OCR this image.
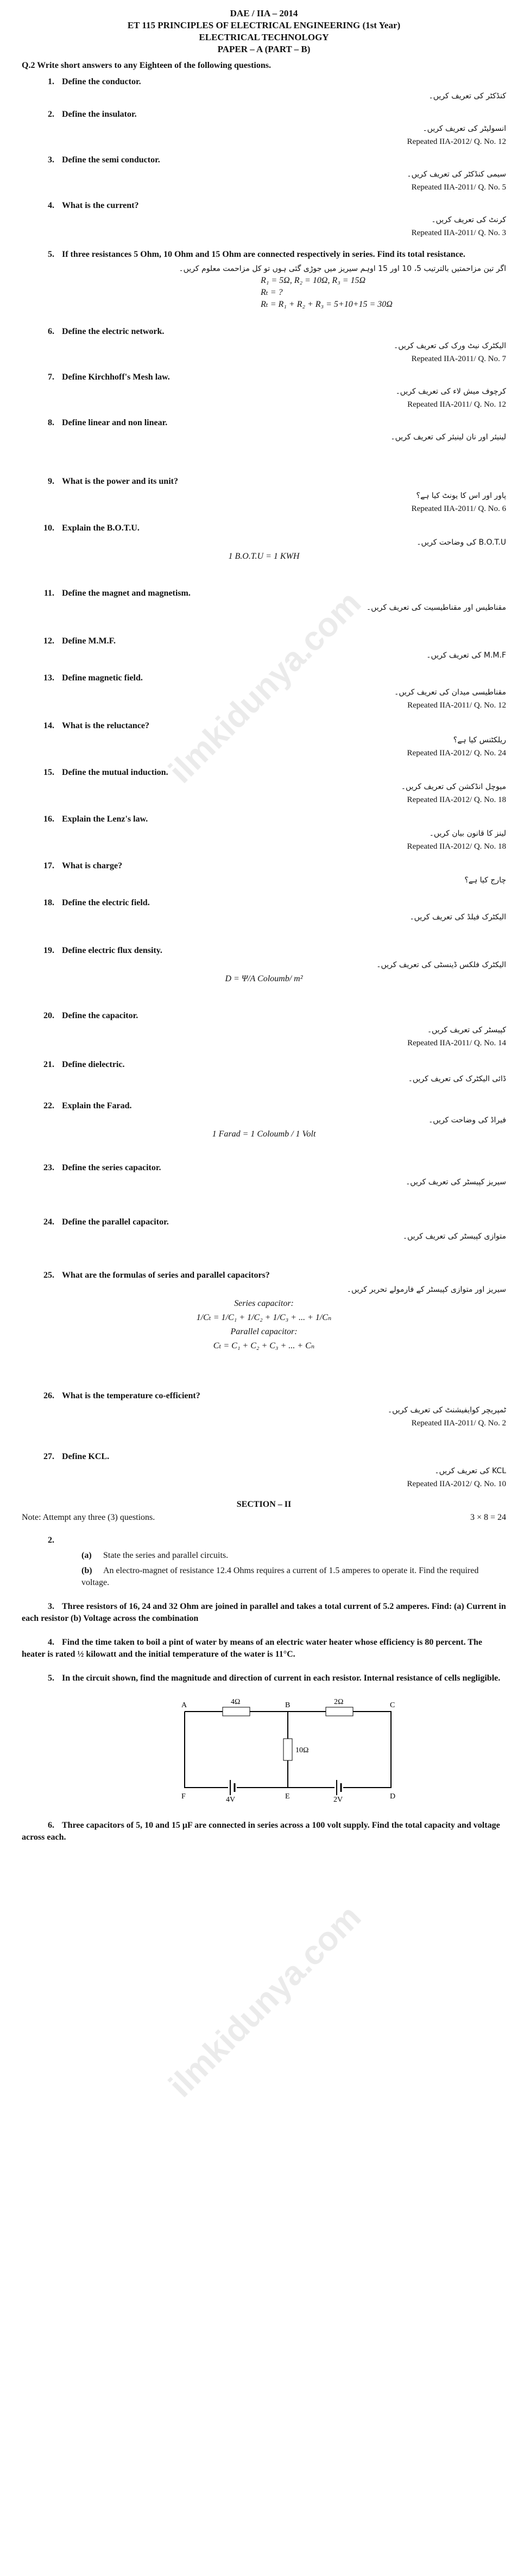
ilmkidunya.com
ilmkidunya.com
DAE / IIA – 2014
ET 115 PRINCIPLES OF ELECTRICAL ENGINEERING (1st Year)
ELECTRICAL TECHNOLOGY
PAPER – A (PART – B)
Q.2 Write short answers to any Eighteen of the following questions.
1. Define the conductor.
کنڈکٹر کی تعریف کریں۔
2. Define the insulator.
انسولیٹر کی تعریف کریں۔
Repeated IIA-2012/ Q. No. 12
3. Define the semi conductor.
سیمی کنڈکٹر کی تعریف کریں۔
Repeated IIA-2011/ Q. No. 5
4. What is the current?
کرنٹ کی تعریف کریں۔
Repeated IIA-2011/ Q. No. 3
5. If three resistances 5 Ohm, 10 Ohm and 15 Ohm are connected respectively in series. Find its total resistance.
اگر تین مزاحمتیں بالترتیب 5، 10 اور 15 اوہم سیریز میں جوڑی گئی ہوں تو کل مزاحمت معلوم کریں۔
R₁ = 5Ω, R₂ = 10Ω, R₃ = 15Ω
Rₜ = ?
Rₜ = R₁ + R₂ + R₃ = 5+10+15 = 30Ω
6. Define the electric network.
الیکٹرک نیٹ ورک کی تعریف کریں۔
Repeated IIA-2011/ Q. No. 7
7. Define Kirchhoff's Mesh law.
کرچوف میش لاء کی تعریف کریں۔
Repeated IIA-2011/ Q. No. 12
8. Define linear and non linear.
لینیئر اور نان لینیئر کی تعریف کریں۔
9. What is the power and its unit?
پاور اور اس کا یونٹ کیا ہے؟
Repeated IIA-2011/ Q. No. 6
10. Explain the B.O.T.U.
B.O.T.U کی وضاحت کریں۔
1 B.O.T.U = 1 KWH
11. Define the magnet and magnetism.
مقناطیس اور مقناطیسیت کی تعریف کریں۔
12. Define M.M.F.
M.M.F کی تعریف کریں۔
13. Define magnetic field.
مقناطیسی میدان کی تعریف کریں۔
Repeated IIA-2011/ Q. No. 12
14. What is the reluctance?
ریلکٹنس کیا ہے؟
Repeated IIA-2012/ Q. No. 24
15. Define the mutual induction.
میوچل انڈکشن کی تعریف کریں۔
Repeated IIA-2012/ Q. No. 18
16. Explain the Lenz's law.
لینز کا قانون بیان کریں۔
Repeated IIA-2012/ Q. No. 18
17. What is charge?
چارج کیا ہے؟
18. Define the electric field.
الیکٹرک فیلڈ کی تعریف کریں۔
19. Define electric flux density.
الیکٹرک فلکس ڈینسٹی کی تعریف کریں۔
D = Ψ/A Coloumb/ m²
20. Define the capacitor.
کپیسٹر کی تعریف کریں۔
Repeated IIA-2011/ Q. No. 14
21. Define dielectric.
ڈائی الیکٹرک کی تعریف کریں۔
22. Explain the Farad.
فیراڈ کی وضاحت کریں۔
1 Farad = 1 Coloumb / 1 Volt
23. Define the series capacitor.
سیریز کپیسٹر کی تعریف کریں۔
24. Define the parallel capacitor.
متوازی کپیسٹر کی تعریف کریں۔
25. What are the formulas of series and parallel capacitors?
سیریز اور متوازی کپیسٹر کے فارمولے تحریر کریں۔
Series capacitor:
1/Cₜ = 1/C₁ + 1/C₂ + 1/C₃ + ... + 1/Cₙ
Parallel capacitor:
Cₜ = C₁ + C₂ + C₃ + ... + Cₙ
26. What is the temperature co-efficient?
ٹمپریچر کوایفیشنٹ کی تعریف کریں۔
Repeated IIA-2011/ Q. No. 2
27. Define KCL.
KCL کی تعریف کریں۔
Repeated IIA-2012/ Q. No. 10
SECTION – II
Note: Attempt any three (3) questions.	3 × 8 = 24
2.
(a) State the series and parallel circuits.
(b) An electro-magnet of resistance 12.4 Ohms requires a current of 1.5 amperes to operate it. Find the required voltage.
3. Three resistors of 16, 24 and 32 Ohm are joined in parallel and takes a total current of 5.2 amperes. Find: (a) Current in each resistor (b) Voltage across the combination
4. Find the time taken to boil a pint of water by means of an electric water heater whose efficiency is 80 percent. The heater is rated ½ kilowatt and the initial temperature of the water is 11°C.
5. In the circuit shown, find the magnitude and direction of current in each resistor. Internal resistance of cells negligible.
4Ω	2Ω
10Ω
4V	2V
A	B	C
D
E
F
6. Three capacitors of 5, 10 and 15 μF are connected in series across a 100 volt supply. Find the total capacity and voltage across each.
